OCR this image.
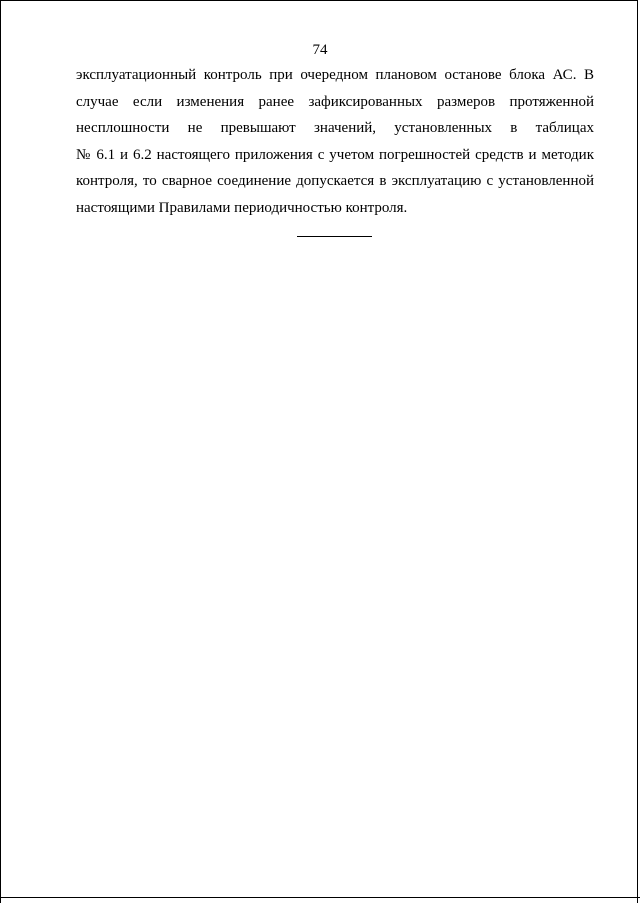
74

эксплуатационный контроль при очередном плановом останове блока АС. В
случае если изменения ранее зафиксированных размеров протяженной
несплошности не превышают значений, установленных в таблицах
№ 6.1 и 6.2 настоящего приложения с учетом погрешностей средств и методик
контроля, то сварное соединение допускается в эксплуатацию с установленной
настоящими Правилами периодичностью контроля.
